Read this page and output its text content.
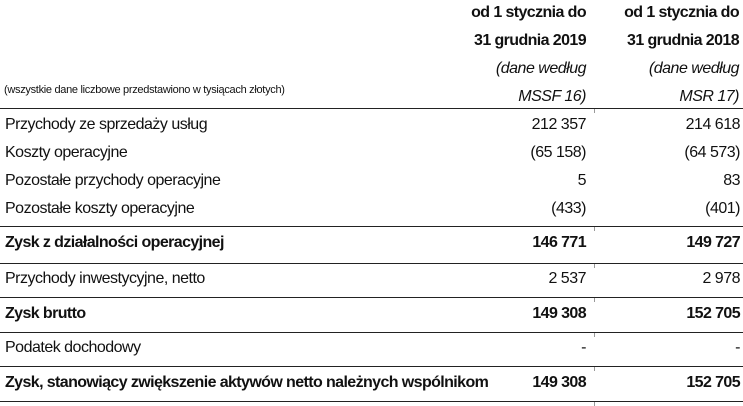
od 1 stycznia do
31 grudnia 2019
(dane według
MSSF 16)
od 1 stycznia do
31 grudnia 2018
(dane według
MSR 17)
(wszystkie dane liczbowe przedstawiono w tysiącach złotych)
Przychody ze sprzedaży usług	212 357	214 618
Koszty operacyjne	(65 158)	(64 573)
Pozostałe przychody operacyjne	5	83
Pozostałe koszty operacyjne	(433)	(401)
Zysk z działalności operacyjnej	146 771	149 727
Przychody inwestycyjne, netto	2 537	2 978
Zysk brutto	149 308	152 705
Podatek dochodowy	-	-
Zysk, stanowiący zwiększenie aktywów netto należnych wspólnikom	149 308	152 705
